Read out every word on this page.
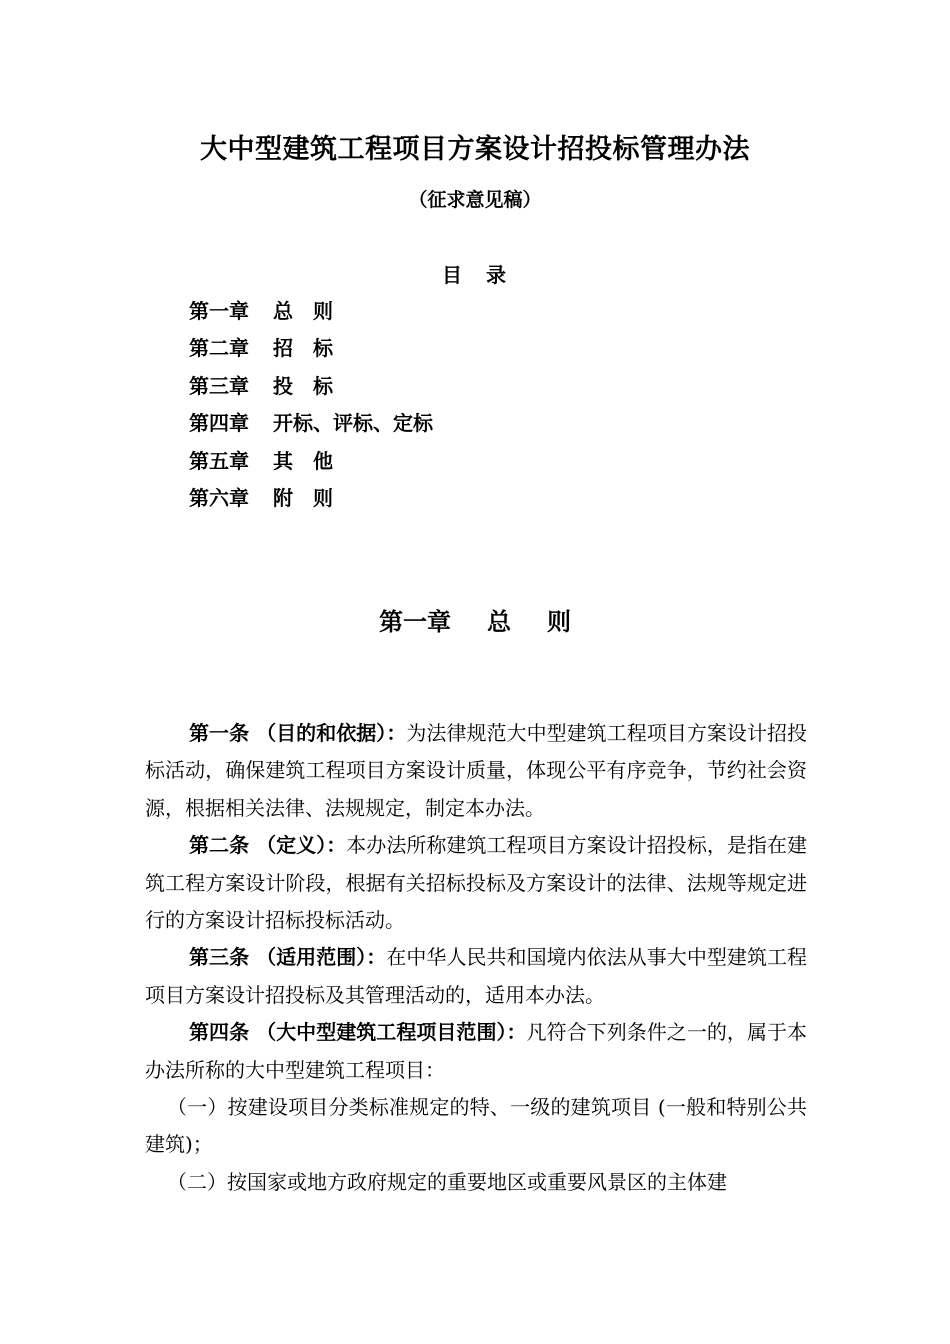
大中型建筑工程项目方案设计招投标管理办法
（征求意见稿）
目　录
第一章 总　则
第二章 招　标
第三章 投　标
第四章 开标、评标、定标
第五章 其　他
第六章 附　则
第一章 总 则

第一条 （目的和依据）：为法律规范大中型建筑工程项目方案设计招投标活动，确保建筑工程项目方案设计质量，体现公平有序竞争，节约社会资源，根据相关法律、法规规定，制定本办法。

第二条 （定义）：本办法所称建筑工程项目方案设计招投标，是指在建筑工程方案设计阶段，根据有关招标投标及方案设计的法律、法规等规定进行的方案设计招标投标活动。

第三条 （适用范围）：在中华人民共和国境内依法从事大中型建筑工程项目方案设计招投标及其管理活动的，适用本办法。

第四条 （大中型建筑工程项目范围）：凡符合下列条件之一的，属于本办法所称的大中型建筑工程项目：

（一）按建设项目分类标准规定的特、一级的建筑项目 (一般和特别公共建筑)；

（二）按国家或地方政府规定的重要地区或重要风景区的主体建
